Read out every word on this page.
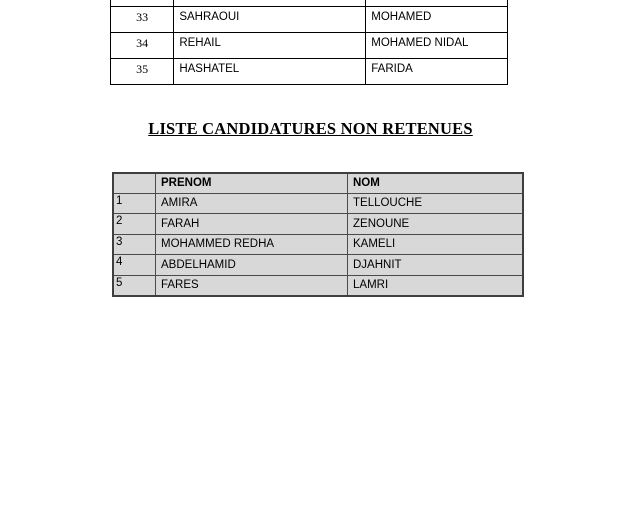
33	SAHRAOUI	MOHAMED
34	REHAIL	MOHAMED NIDAL
35	HASHATEL	FARIDA
LISTE CANDIDATURES NON RETENUES
	PRENOM	NOM
1	AMIRA	TELLOUCHE
2	FARAH	ZENOUNE
3	MOHAMMED REDHA	KAMELI
4	ABDELHAMID	DJAHNIT
5	FARES	LAMRI
